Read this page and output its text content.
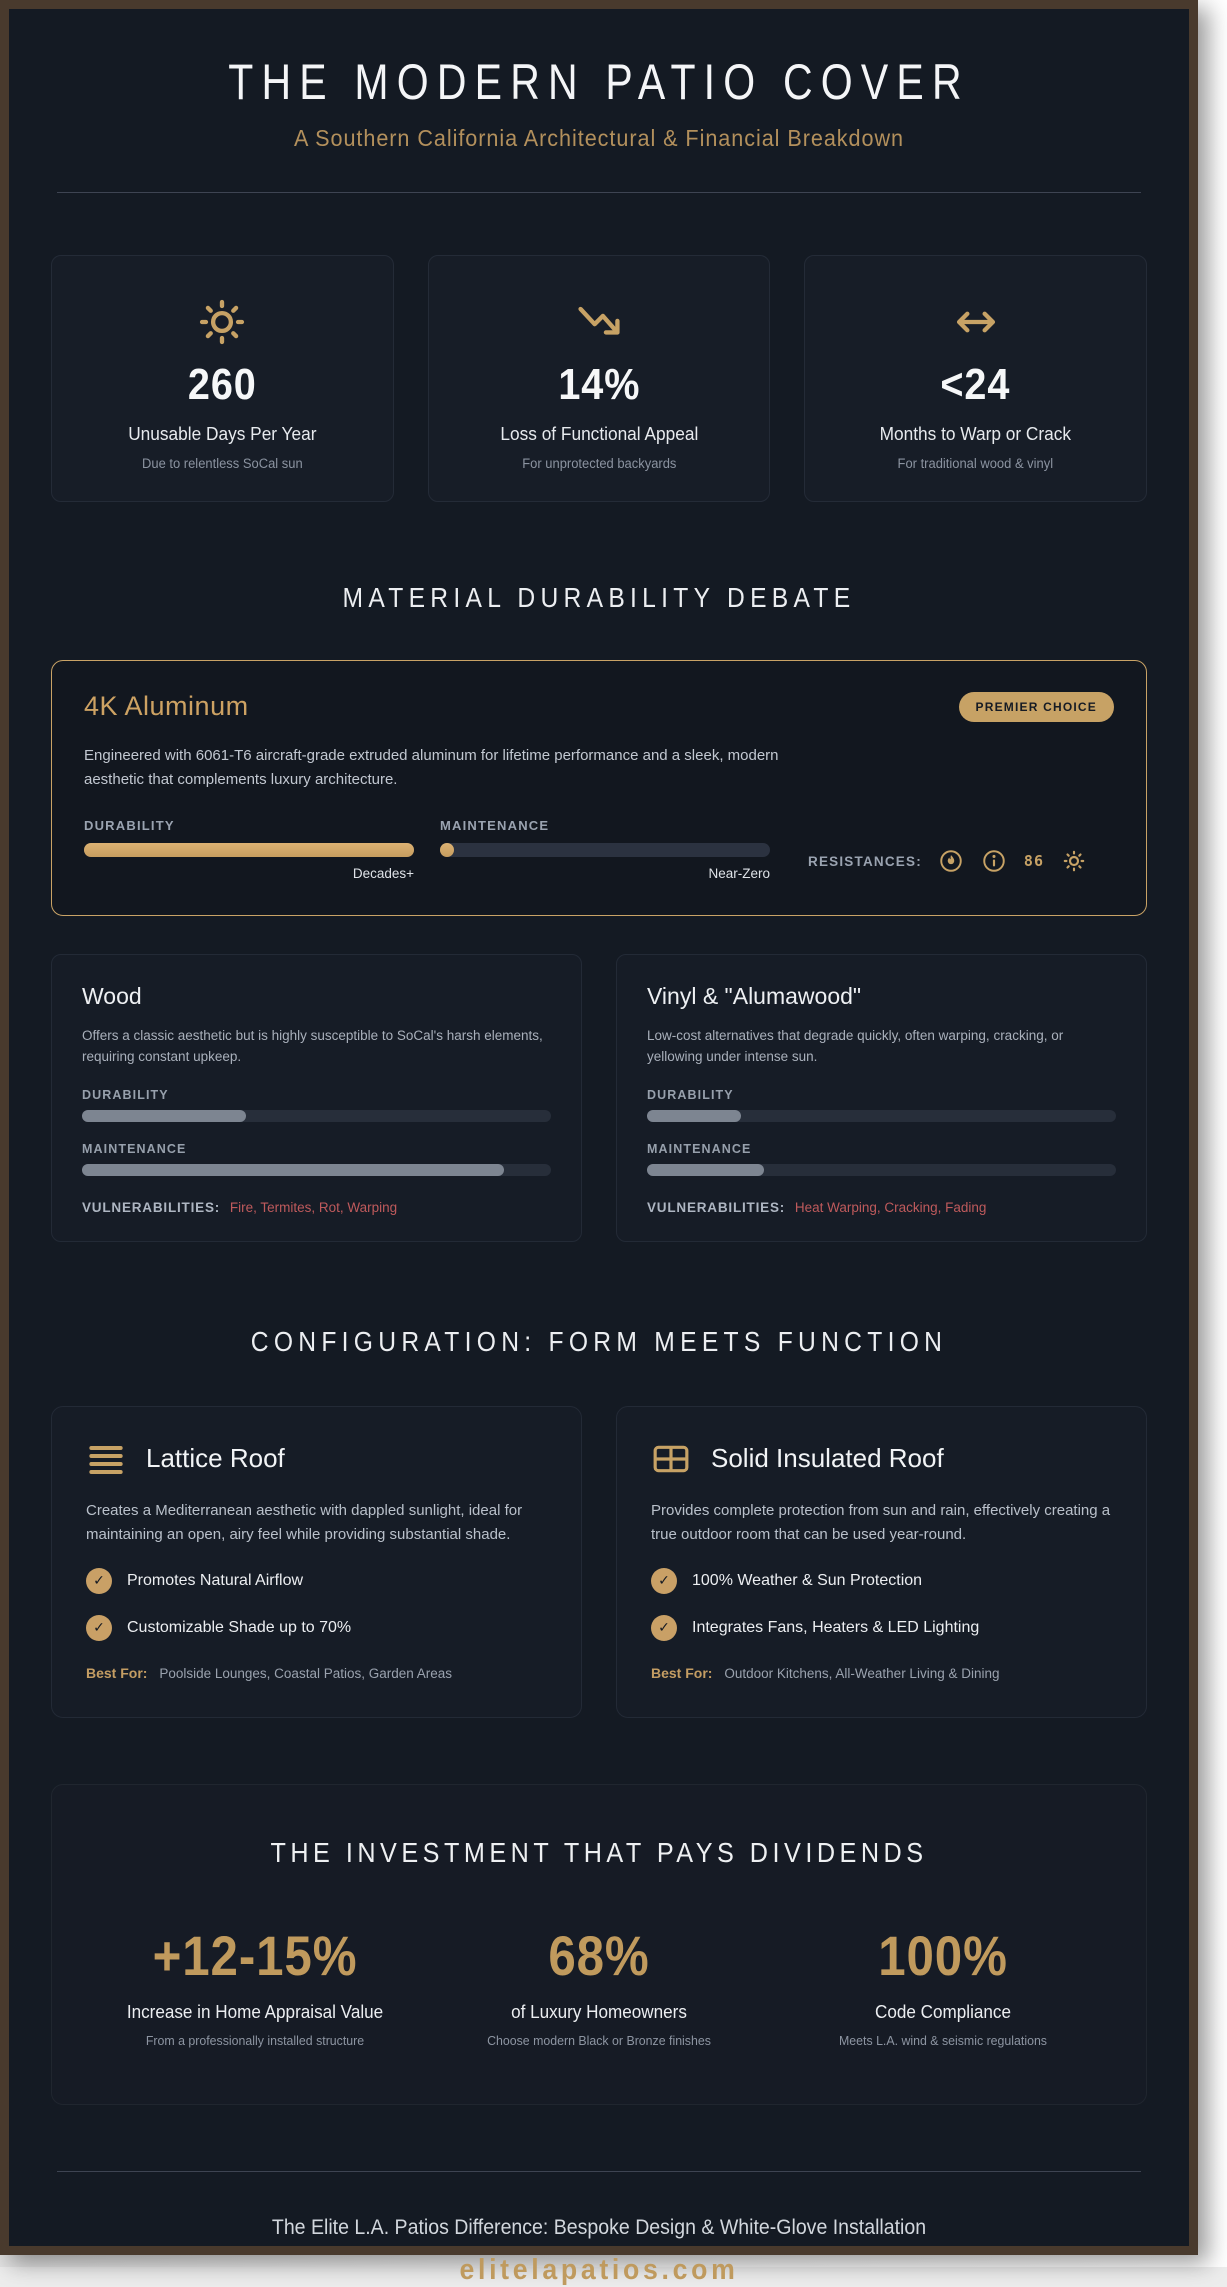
THE MODERN PATIO COVER
A Southern California Architectural & Financial Breakdown
260
Unusable Days Per Year
Due to relentless SoCal sun
14%
Loss of Functional Appeal
For unprotected backyards
<24
Months to Warp or Crack
For traditional wood & vinyl
MATERIAL DURABILITY DEBATE
4K Aluminum	PREMIER CHOICE
Engineered with 6061-T6 aircraft-grade extruded aluminum for lifetime performance and a sleek, modern aesthetic that complements luxury architecture.
DURABILITY
Decades+
MAINTENANCE
Near-Zero
RESISTANCES:	86
Wood
Offers a classic aesthetic but is highly susceptible to SoCal's harsh elements, requiring constant upkeep.
DURABILITY
MAINTENANCE
VULNERABILITIES: Fire, Termites, Rot, Warping
Vinyl & "Alumawood"
Low-cost alternatives that degrade quickly, often warping, cracking, or yellowing under intense sun.
DURABILITY
MAINTENANCE
VULNERABILITIES: Heat Warping, Cracking, Fading
CONFIGURATION: FORM MEETS FUNCTION
Lattice Roof
Creates a Mediterranean aesthetic with dappled sunlight, ideal for maintaining an open, airy feel while providing substantial shade.
✓	Promotes Natural Airflow
✓	Customizable Shade up to 70%
Best For: Poolside Lounges, Coastal Patios, Garden Areas
Solid Insulated Roof
Provides complete protection from sun and rain, effectively creating a true outdoor room that can be used year-round.
✓	100% Weather & Sun Protection
✓	Integrates Fans, Heaters & LED Lighting
Best For: Outdoor Kitchens, All-Weather Living & Dining
THE INVESTMENT THAT PAYS DIVIDENDS
+12-15%
Increase in Home Appraisal Value
From a professionally installed structure
68%
of Luxury Homeowners
Choose modern Black or Bronze finishes
100%
Code Compliance
Meets L.A. wind & seismic regulations
The Elite L.A. Patios Difference: Bespoke Design & White-Glove Installation
elitelapatios.com
